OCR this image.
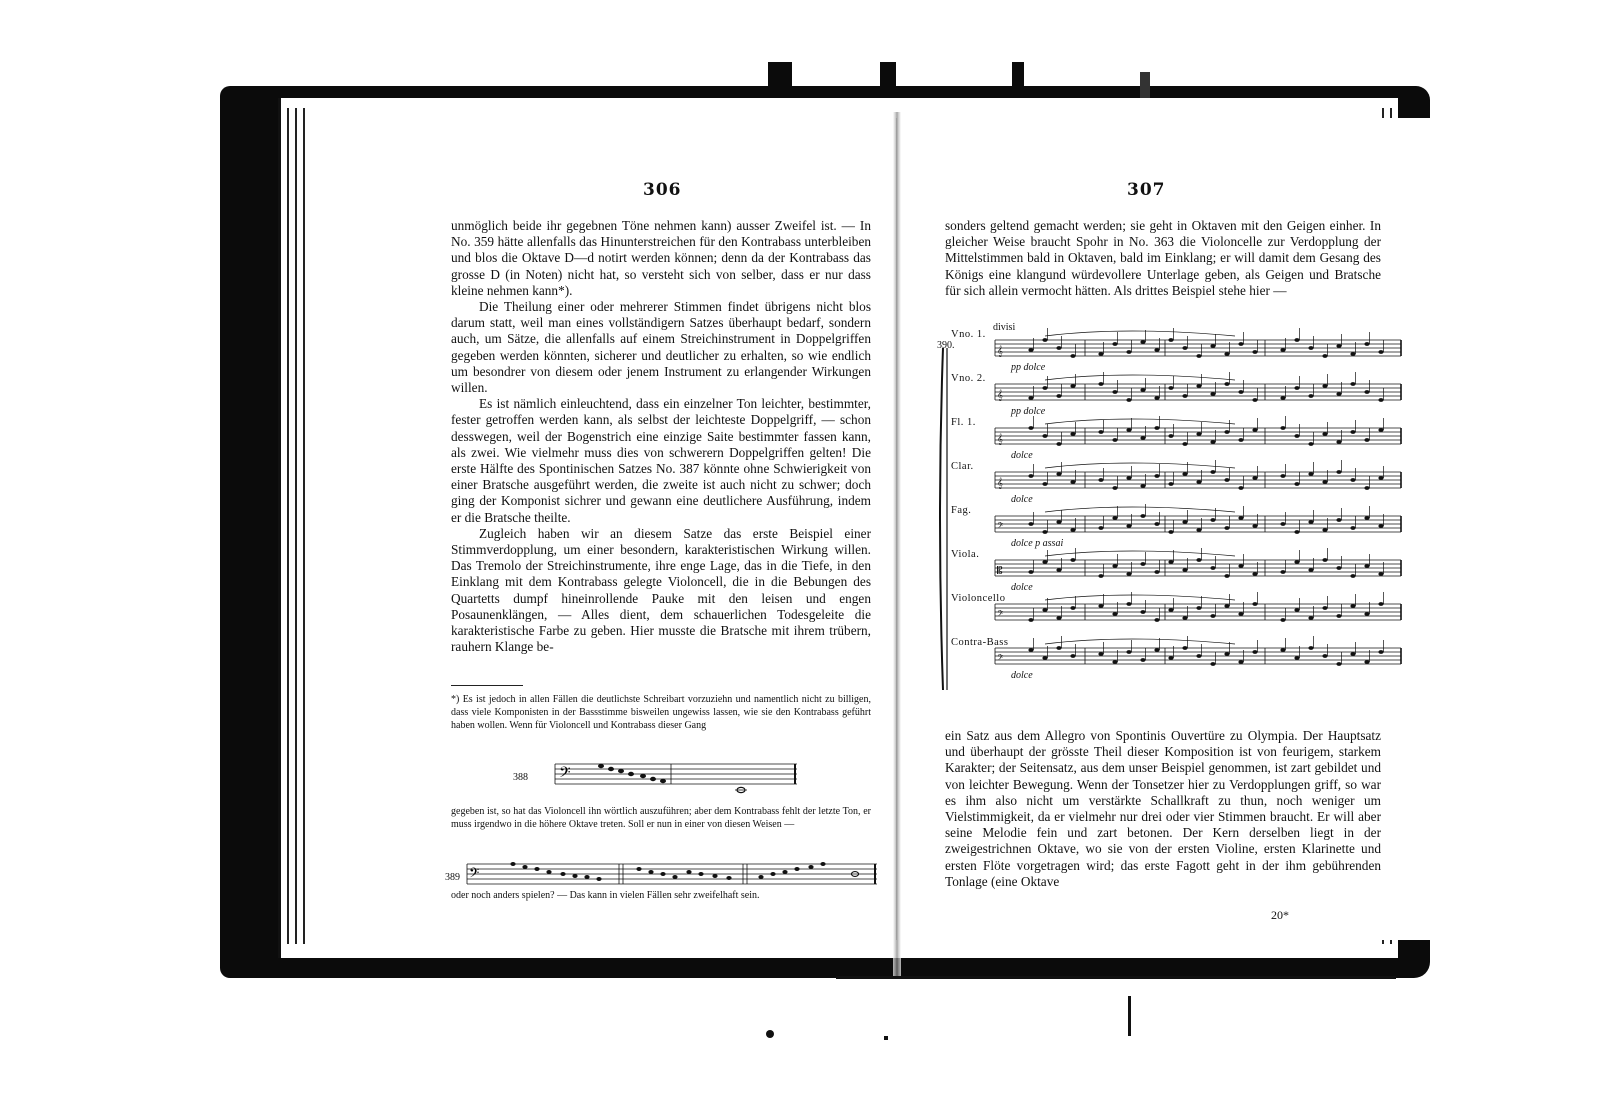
306

unmöglich beide ihr gegebnen Töne nehmen kann) ausser Zweifel ist. — In No. 359 hätte allenfalls das Hinunterstreichen für den Kontrabass unterbleiben und blos die Oktave D—d notirt werden können; denn da der Kontrabass das grosse D (in Noten) nicht hat, so versteht sich von selber, dass er nur dass kleine nehmen kann*).

Die Theilung einer oder mehrerer Stimmen findet übrigens nicht blos darum statt, weil man eines vollständigern Satzes überhaupt bedarf, sondern auch, um Sätze, die allenfalls auf einem Streichinstrument in Doppelgriffen gegeben werden könnten, sicherer und deutlicher zu erhalten, so wie endlich um besondrer von diesem oder jenem Instrument zu erlangender Wirkungen willen.

Es ist nämlich einleuchtend, dass ein einzelner Ton leichter, bestimmter, fester getroffen werden kann, als selbst der leichteste Doppelgriff, — schon desswegen, weil der Bogenstrich eine einzige Saite bestimmter fassen kann, als zwei. Wie vielmehr muss dies von schwerern Doppelgriffen gelten! Die erste Hälfte des Spontinischen Satzes No. 387 könnte ohne Schwierigkeit von einer Bratsche ausgeführt werden, die zweite ist auch nicht zu schwer; doch ging der Komponist sichrer und gewann eine deutlichere Ausführung, indem er die Bratsche theilte.

Zugleich haben wir an diesem Satze das erste Beispiel einer Stimmverdopplung, um einer besondern, karakteristischen Wirkung willen. Das Tremolo der Streichinstrumente, ihre enge Lage, das in die Tiefe, in den Einklang mit dem Kontrabass gelegte Violoncell, die in die Bebungen des Quartetts dumpf hineinrollende Pauke mit den leisen und engen Posaunenklängen, — Alles dient, dem schauerlichen Todesgeleite die karakteristische Farbe zu geben. Hier musste die Bratsche mit ihrem trübern, rauhern Klange be-

*) Es ist jedoch in allen Fällen die deutlichste Schreibart vorzuziehn und namentlich nicht zu billigen, dass viele Komponisten in der Bassstimme bisweilen ungewiss lassen, wie sie den Kontrabass geführt haben wollen. Wenn für Violoncell und Kontrabass dieser Gang
388 𝄢
gegeben ist, so hat das Violoncell ihn wörtlich auszuführen; aber dem Kontrabass fehlt der letzte Ton, er muss irgendwo in die höhere Oktave treten. Soll er nun in einer von diesen Weisen —
389 𝄢
oder noch anders spielen? — Das kann in vielen Fällen sehr zweifelhaft sein.
307

sonders geltend gemacht werden; sie geht in Oktaven mit den Geigen einher. In gleicher Weise braucht Spohr in No. 363 die Violoncelle zur Verdopplung der Mittelstimmen bald in Oktaven, bald im Einklang; er will damit dem Gesang des Königs eine klangund würdevollere Unterlage geben, als Geigen und Bratsche für sich allein vermocht hätten. Als drittes Beispiel stehe hier —

390.
divisi
Vno. 1.
𝄞
pp dolce
Vno. 2.
𝄞
pp dolce
Fl. 1.
𝄞
dolce
Clar.
𝄞
dolce
Fag.
𝄢
dolce p assai
Viola.
𝄡
dolce
Violoncello
𝄢
Contra-Bass
𝄢
dolce
ein Satz aus dem Allegro von Spontinis Ouvertüre zu Olympia. Der Hauptsatz und überhaupt der grösste Theil dieser Komposition ist von feurigem, starkem Karakter; der Seitensatz, aus dem unser Beispiel genommen, ist zart gebildet und von leichter Bewegung. Wenn der Tonsetzer hier zu Verdopplungen griff, so war es ihm also nicht um verstärkte Schallkraft zu thun, noch weniger um Vielstimmigkeit, da er vielmehr nur drei oder vier Stimmen braucht. Er will aber seine Melodie fein und zart betonen. Der Kern derselben liegt in der zweigestrichnen Oktave, wo sie von der ersten Violine, ersten Klarinette und ersten Flöte vorgetragen wird; das erste Fagott geht in der ihm gebührenden Tonlage (eine Oktave
20*
